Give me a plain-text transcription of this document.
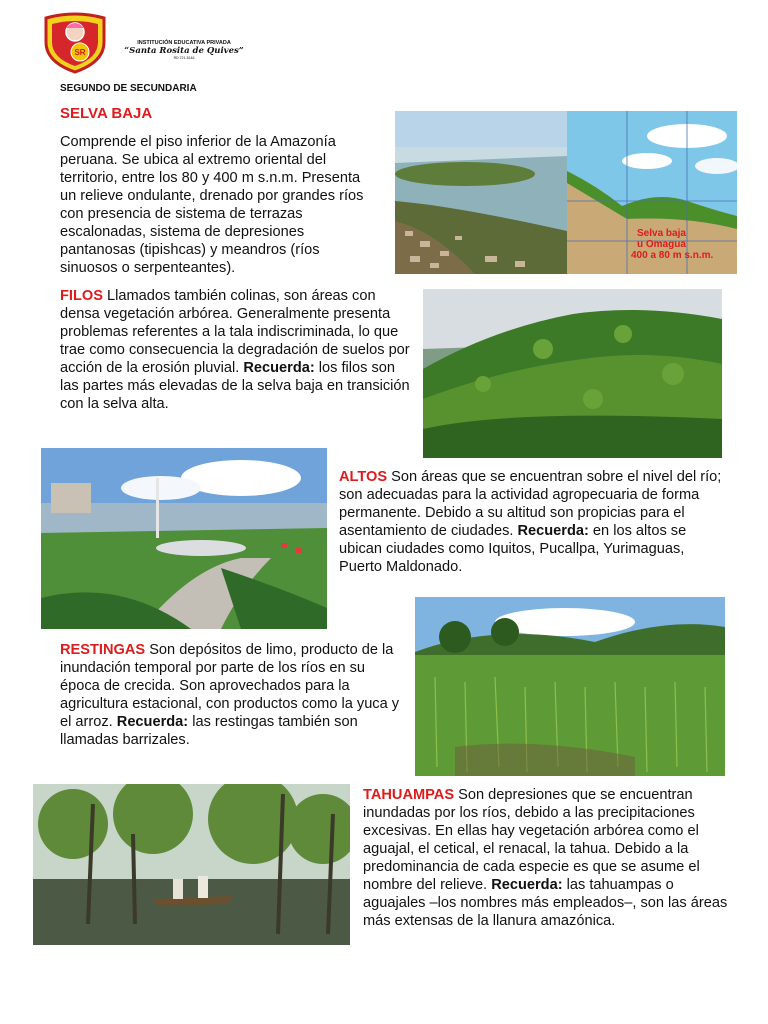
SR
INSTITUCIÓN EDUCATIVA PRIVADA
“Santa Rosita de Quives”
RD 721-5146
SEGUNDO DE SECUNDARIA
SELVA BAJA
Comprende el piso inferior de la Amazonía peruana. Se ubica al extremo oriental del territorio, entre los 80 y 400 m s.n.m. Presenta un relieve ondulante, drenado por grandes ríos con presencia de sistema de terrazas escalonadas, sistema de depresiones pantanosas (tipishcas) y meandros (ríos sinuosos o serpenteantes).
Selva baja
u Omagua
400 a 80 m s.n.m.
FILOS Llamados también colinas, son áreas con densa vegetación arbórea. Generalmente presenta problemas referentes a la tala indiscriminada, lo que trae como consecuencia la degradación de suelos por acción de la erosión pluvial. Recuerda: los filos son las partes más elevadas de la selva baja en transición con la selva alta.
ALTOS Son áreas que se encuentran sobre el nivel del río; son adecuadas para la actividad agropecuaria de forma permanente. Debido a su altitud son propicias para el asentamiento de ciudades. Recuerda: en los altos se ubican ciudades como Iquitos, Pucallpa, Yurimaguas, Puerto Maldonado.
RESTINGAS Son depósitos de limo, producto de la inundación temporal por parte de los ríos en su época de crecida. Son aprovechados para la agricultura estacional, con productos como la yuca y el arroz. Recuerda: las restingas también son llamadas barrizales.
TAHUAMPAS Son depresiones que se encuentran inundadas por los ríos, debido a las precipitaciones excesivas. En ellas hay vegetación arbórea como el aguajal, el cetical, el renacal, la tahua. Debido a la predominancia de cada especie es que se asume el nombre del relieve. Recuerda: las tahuampas o aguajales –los nombres más empleados–, son las áreas más extensas de la llanura amazónica.
